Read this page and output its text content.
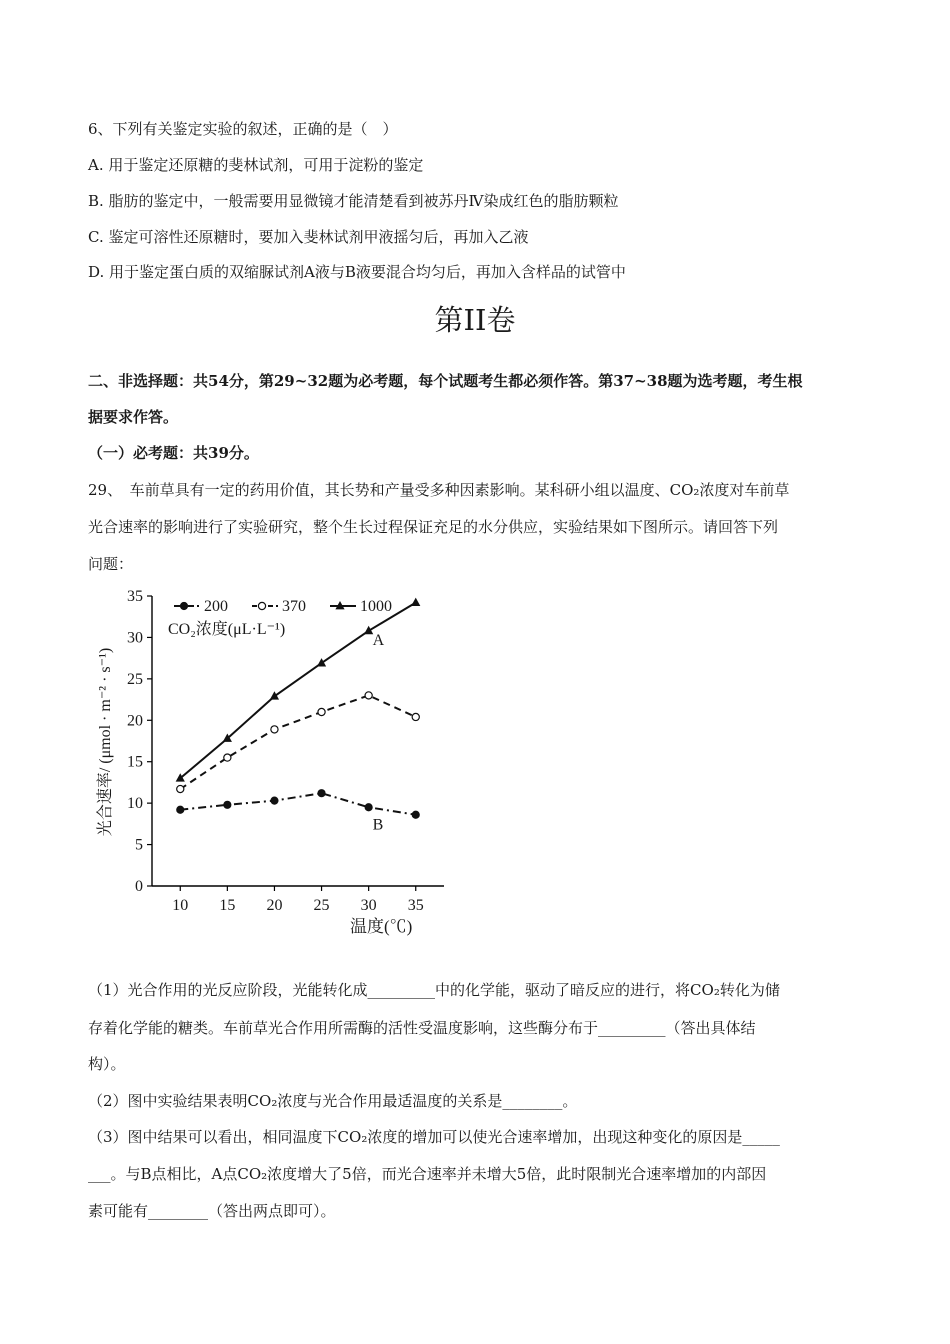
6、下列有关鉴定实验的叙述，正确的是（　）
A. 用于鉴定还原糖的斐林试剂，可用于淀粉的鉴定
B. 脂肪的鉴定中，一般需要用显微镜才能清楚看到被苏丹Ⅳ染成红色的脂肪颗粒
C. 鉴定可溶性还原糖时，要加入斐林试剂甲液摇匀后，再加入乙液
D. 用于鉴定蛋白质的双缩脲试剂A液与B液要混合均匀后，再加入含样品的试管中
第II卷
二、非选择题：共54分，第29~32题为必考题，每个试题考生都必须作答。第37~38题为选考题，考生根
据要求作答。
（一）必考题：共39分。
29、　车前草具有一定的药用价值，其长势和产量受多种因素影响。某科研小组以温度、CO₂浓度对车前草
光合速率的影响进行了实验研究，整个生长过程保证充足的水分供应，实验结果如下图所示。请回答下列
问题：
光合速率/ (μmol · m⁻² · s⁻¹)
0
5
10
15
20
25
30
35
10 15 20 25 30 35
A
B
200	370	1000
CO₂浓度(μL·L⁻¹)
温度(℃)
（1）光合作用的光反应阶段，光能转化成_________中的化学能，驱动了暗反应的进行，将CO₂转化为储
存着化学能的糖类。车前草光合作用所需酶的活性受温度影响，这些酶分布于_________（答出具体结
构）。
（2）图中实验结果表明CO₂浓度与光合作用最适温度的关系是________。
（3）图中结果可以看出，相同温度下CO₂浓度的增加可以使光合速率增加，出现这种变化的原因是_____
___。与B点相比，A点CO₂浓度增大了5倍，而光合速率并未增大5倍，此时限制光合速率增加的内部因
素可能有________（答出两点即可）。
